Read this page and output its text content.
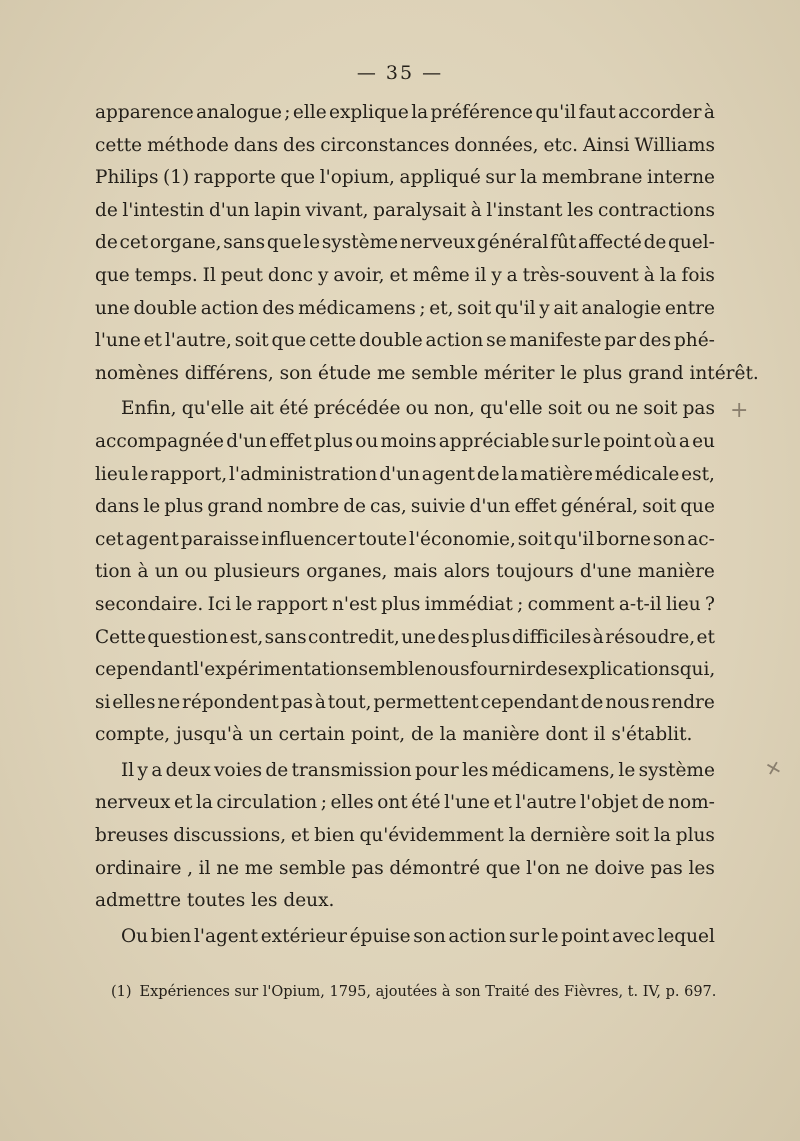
— 35 —
apparence analogue ; elle explique la préférence qu'il faut accorder à
cette méthode dans des circonstances données, etc. Ainsi Williams
Philips (1) rapporte que l'opium, appliqué sur la membrane interne
de l'intestin d'un lapin vivant, paralysait à l'instant les contractions
de cet organe, sans que le système nerveux général fût affecté de quel-
que temps. Il peut donc y avoir, et même il y a très-souvent à la fois
une double action des médicamens ; et, soit qu'il y ait analogie entre
l'une et l'autre, soit que cette double action se manifeste par des phé-
nomènes différens, son étude me semble mériter le plus grand intérêt.
Enfin, qu'elle ait été précédée ou non, qu'elle soit ou ne soit pas
accompagnée d'un effet plus ou moins appréciable sur le point où a eu
lieu le rapport, l'administration d'un agent de la matière médicale est,
dans le plus grand nombre de cas, suivie d'un effet général, soit que
cet agent paraisse influencer toute l'économie, soit qu'il borne son ac-
tion à un ou plusieurs organes, mais alors toujours d'une manière
secondaire. Ici le rapport n'est plus immédiat ; comment a-t-il lieu ?
Cette question est, sans contredit, une des plus difficiles à résoudre, et
cependant l'expérimentation semble nous fournir des explications qui,
si elles ne répondent pas à tout, permettent cependant de nous rendre
compte, jusqu'à un certain point, de la manière dont il s'établit.
Il y a deux voies de transmission pour les médicamens, le système
nerveux et la circulation ; elles ont été l'une et l'autre l'objet de nom-
breuses discussions, et bien qu'évidemment la dernière soit la plus
ordinaire , il ne me semble pas démontré que l'on ne doive pas les
admettre toutes les deux.
Ou bien l'agent extérieur épuise son action sur le point avec lequel
(1) Expériences sur l'Opium, 1795, ajoutées à son Traité des Fièvres, t. IV, p. 697.
+
+
